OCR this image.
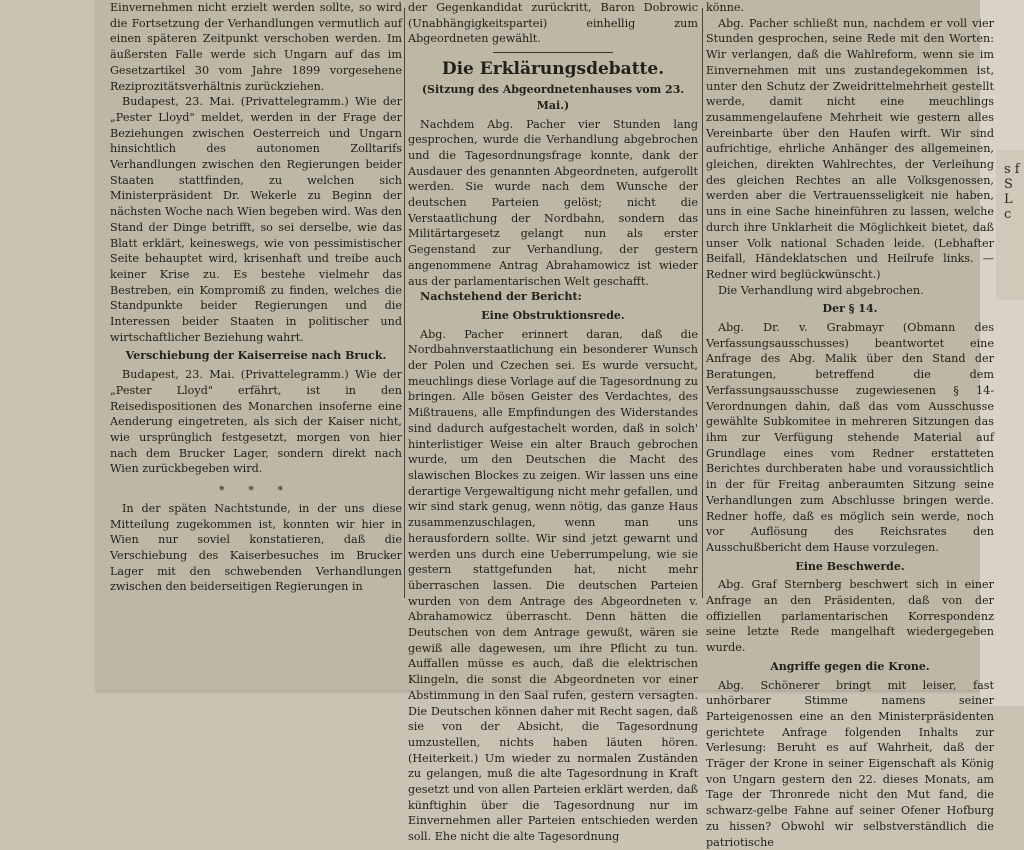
s f S L c

Einvernehmen nicht erzielt werden sollte, so wird die Fortsetzung der Verhandlungen vermutlich auf einen späteren Zeitpunkt verschoben werden. Im äußersten Falle werde sich Ungarn auf das im Gesetzartikel 30 vom Jahre 1899 vorgesehene Reziprozitätsverhältnis zurückziehen.

Budapest, 23. Mai. (Privattelegramm.) Wie der „Pester Lloyd" meldet, werden in der Frage der Beziehungen zwischen Oesterreich und Ungarn hinsichtlich des autonomen Zolltarifs Verhandlungen zwischen den Regierungen beider Staaten stattfinden, zu welchen sich Ministerpräsident Dr. Wekerle zu Beginn der nächsten Woche nach Wien begeben wird. Was den Stand der Dinge betrifft, so sei derselbe, wie das Blatt erklärt, keineswegs, wie von pessimistischer Seite behauptet wird, krisenhaft und treibe auch keiner Krise zu. Es bestehe vielmehr das Bestreben, ein Kompromiß zu finden, welches die Standpunkte beider Regierungen und die Interessen beider Staaten in politischer und wirtschaftlicher Beziehung wahrt.

Verschiebung der Kaiserreise nach Bruck.

Budapest, 23. Mai. (Privattelegramm.) Wie der „Pester Lloyd" erfährt, ist in den Reisedispositionen des Monarchen insoferne eine Aenderung eingetreten, als sich der Kaiser nicht, wie ursprünglich festgesetzt, morgen von hier nach dem Brucker Lager, sondern direkt nach Wien zurückbegeben wird.

* * *

In der späten Nachtstunde, in der uns diese Mitteilung zugekommen ist, konnten wir hier in Wien nur soviel konstatieren, daß die Verschiebung des Kaiserbesuches im Brucker Lager mit den schwebenden Verhandlungen zwischen den beiderseitigen Regierungen in

der Gegenkandidat zurückritt, Baron Dobrowic (Unabhängigkeitspartei) einhellig zum Abgeordneten gewählt.

Die Erklärungsdebatte.

(Sitzung des Abgeordnetenhauses vom 23. Mai.)

Nachdem Abg. Pacher vier Stunden lang gesprochen, wurde die Verhandlung abgebrochen und die Tagesordnungsfrage konnte, dank der Ausdauer des genannten Abgeordneten, aufgerollt werden. Sie wurde nach dem Wunsche der deutschen Parteien gelöst; nicht die Verstaatlichung der Nordbahn, sondern das Militärtargesetz gelangt nun als erster Gegenstand zur Verhandlung, der gestern angenommene Antrag Abrahamowicz ist wieder aus der parlamentarischen Welt geschafft.

Nachstehend der Bericht:

Eine Obstruktionsrede.

Abg. Pacher erinnert daran, daß die Nordbahnverstaatlichung ein besonderer Wunsch der Polen und Czechen sei. Es wurde versucht, meuchlings diese Vorlage auf die Tagesordnung zu bringen. Alle bösen Geister des Verdachtes, des Mißtrauens, alle Empfindungen des Widerstandes sind dadurch aufgestachelt worden, daß in solch' hinterlistiger Weise ein alter Brauch gebrochen wurde, um den Deutschen die Macht des slawischen Blockes zu zeigen. Wir lassen uns eine derartige Vergewaltigung nicht mehr gefallen, und wir sind stark genug, wenn nötig, das ganze Haus zusammenzuschlagen, wenn man uns herausfordern sollte. Wir sind jetzt gewarnt und werden uns durch eine Ueberrumpelung, wie sie gestern stattgefunden hat, nicht mehr überraschen lassen. Die deutschen Parteien wurden von dem Antrage des Abgeordneten v. Abrahamowicz überrascht. Denn hätten die Deutschen von dem Antrage gewußt, wären sie gewiß alle dagewesen, um ihre Pflicht zu tun. Auffallen müsse es auch, daß die elektrischen Klingeln, die sonst die Abgeordneten vor einer Abstimmung in den Saal rufen, gestern versagten. Die Deutschen können daher mit Recht sagen, daß sie von der Absicht, die Tagesordnung umzustellen, nichts haben läuten hören. (Heiterkeit.) Um wieder zu normalen Zuständen zu gelangen, muß die alte Tagesordnung in Kraft gesetzt und von allen Parteien erklärt werden, daß künftighin über die Tagesordnung nur im Einvernehmen aller Parteien entschieden werden soll. Ehe nicht die alte Tagesordnung

könne.

Abg. Pacher schließt nun, nachdem er voll vier Stunden gesprochen, seine Rede mit den Worten: Wir verlangen, daß die Wahlreform, wenn sie im Einvernehmen mit uns zustandegekommen ist, unter den Schutz der Zweidrittelmehrheit gestellt werde, damit nicht eine meuchlings zusammengelaufene Mehrheit wie gestern alles Vereinbarte über den Haufen wirft. Wir sind aufrichtige, ehrliche Anhänger des allgemeinen, gleichen, direkten Wahlrechtes, der Verleihung des gleichen Rechtes an alle Volksgenossen, werden aber die Vertrauensseligkeit nie haben, uns in eine Sache hineinführen zu lassen, welche durch ihre Unklarheit die Möglichkeit bietet, daß unser Volk national Schaden leide. (Lebhafter Beifall, Händeklatschen und Heilrufe links. — Redner wird beglückwünscht.)

Die Verhandlung wird abgebrochen.

Der § 14.

Abg. Dr. v. Grabmayr (Obmann des Verfassungsausschusses) beantwortet eine Anfrage des Abg. Malik über den Stand der Beratungen, betreffend die dem Verfassungsausschusse zugewiesenen § 14-Verordnungen dahin, daß das vom Ausschusse gewählte Subkomitee in mehreren Sitzungen das ihm zur Verfügung stehende Material auf Grundlage eines vom Redner erstatteten Berichtes durchberaten habe und voraussichtlich in der für Freitag anberaumten Sitzung seine Verhandlungen zum Abschlusse bringen werde. Redner hoffe, daß es möglich sein werde, noch vor Auflösung des Reichsrates den Ausschußbericht dem Hause vorzulegen.

Eine Beschwerde.

Abg. Graf Sternberg beschwert sich in einer Anfrage an den Präsidenten, daß von der offiziellen parlamentarischen Korrespondenz seine letzte Rede mangelhaft wiedergegeben wurde.

Angriffe gegen die Krone.

Abg. Schönerer bringt mit leiser, fast unhörbarer Stimme namens seiner Parteigenossen eine an den Ministerpräsidenten gerichtete Anfrage folgenden Inhalts zur Verlesung: Beruht es auf Wahrheit, daß der Träger der Krone in seiner Eigenschaft als König von Ungarn gestern den 22. dieses Monats, am Tage der Thronrede nicht den Mut fand, die schwarz-gelbe Fahne auf seiner Ofener Hofburg zu hissen? Obwohl wir selbstverständlich die patriotische
